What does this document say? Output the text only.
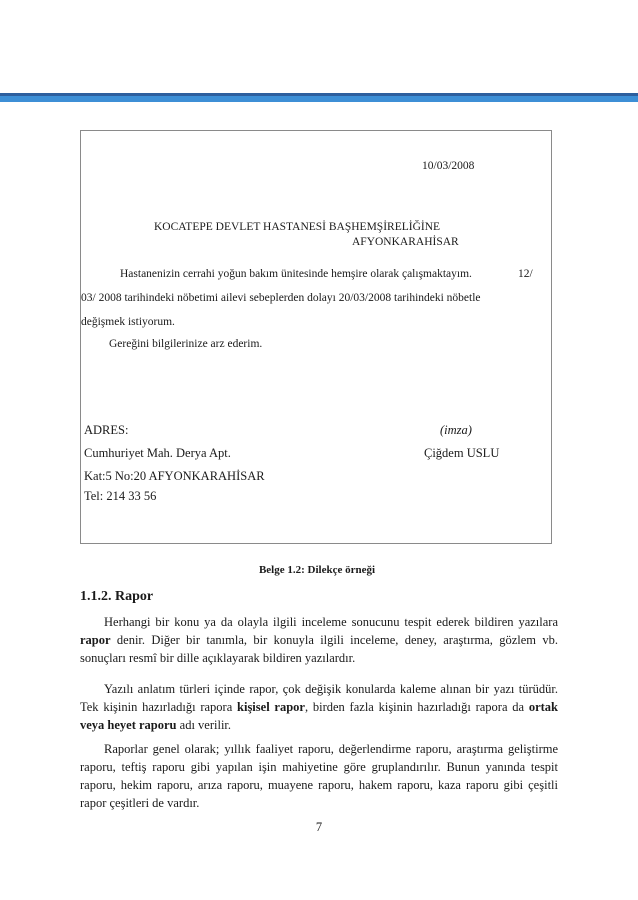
10/03/2008
KOCATEPE DEVLET HASTANESİ BAŞHEMŞİRELİĞİNE
AFYONKARAHİSAR
Hastanenizin cerrahi yoğun bakım ünitesinde hemşire olarak çalışmaktayım.	12/
03/ 2008 tarihindeki nöbetimi ailevi sebeplerden dolayı 20/03/2008 tarihindeki nöbetle
değişmek istiyorum.
Gereğini bilgilerinize arz ederim.
ADRES:	(imza)
Cumhuriyet Mah. Derya Apt.	Çiğdem USLU
Kat:5 No:20 AFYONKARAHİSAR
Tel: 214 33 56
Belge 1.2: Dilekçe örneği
1.1.2. Rapor

Herhangi bir konu ya da olayla ilgili inceleme sonucunu tespit ederek bildiren yazılara rapor denir. Diğer bir tanımla, bir konuyla ilgili inceleme, deney, araştırma, gözlem vb. sonuçları resmî bir dille açıklayarak bildiren yazılardır.

Yazılı anlatım türleri içinde rapor, çok değişik konularda kaleme alınan bir yazı türüdür. Tek kişinin hazırladığı rapora kişisel rapor, birden fazla kişinin hazırladığı rapora da ortak veya heyet raporu adı verilir.

Raporlar genel olarak; yıllık faaliyet raporu, değerlendirme raporu, araştırma geliştirme raporu, teftiş raporu gibi yapılan işin mahiyetine göre gruplandırılır. Bunun yanında tespit raporu, hekim raporu, arıza raporu, muayene raporu, hakem raporu, kaza raporu gibi çeşitli rapor çeşitleri de vardır.

7
